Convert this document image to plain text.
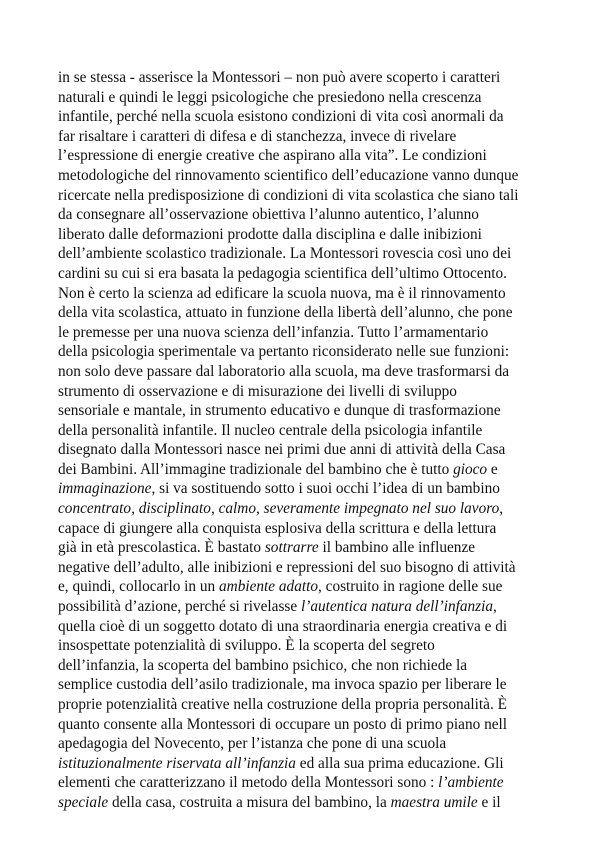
in se stessa - asserisce la Montessori – non può avere scoperto i caratteri
naturali e quindi le leggi psicologiche che presiedono nella crescenza
infantile, perché nella scuola esistono condizioni di vita così anormali da
far risaltare i caratteri di difesa e di stanchezza, invece di rivelare
l’espressione di energie creative che aspirano alla vita”. Le condizioni
metodologiche del rinnovamento scientifico dell’educazione vanno dunque
ricercate nella predisposizione di condizioni di vita scolastica che siano tali
da consegnare all’osservazione obiettiva l’alunno autentico, l’alunno
liberato dalle deformazioni prodotte dalla disciplina e dalle inibizioni
dell’ambiente scolastico tradizionale. La Montessori rovescia così uno dei
cardini su cui si era basata la pedagogia scientifica dell’ultimo Ottocento.
Non è certo la scienza ad edificare la scuola nuova, ma è il rinnovamento
della vita scolastica, attuato in funzione della libertà dell’alunno, che pone
le premesse per una nuova scienza dell’infanzia. Tutto l’armamentario
della psicologia sperimentale va pertanto riconsiderato nelle sue funzioni:
non solo deve passare dal laboratorio alla scuola, ma deve trasformarsi da
strumento di osservazione e di misurazione dei livelli di sviluppo
sensoriale e mantale, in strumento educativo e dunque di trasformazione
della personalità infantile. Il nucleo centrale della psicologia infantile
disegnato dalla Montessori nasce nei primi due anni di attività della Casa
dei Bambini. All’immagine tradizionale del bambino che è tutto gioco e
immaginazione, si va sostituendo sotto i suoi occhi l’idea di un bambino
concentrato, disciplinato, calmo, severamente impegnato nel suo lavoro,
capace di giungere alla conquista esplosiva della scrittura e della lettura
già in età prescolastica. È bastato sottrarre il bambino alle influenze
negative dell’adulto, alle inibizioni e repressioni del suo bisogno di attività
e, quindi, collocarlo in un ambiente adatto, costruito in ragione delle sue
possibilità d’azione, perché si rivelasse l’autentica natura dell’infanzia,
quella cioè di un soggetto dotato di una straordinaria energia creativa e di
insospettate potenzialità di sviluppo. È la scoperta del segreto
dell’infanzia, la scoperta del bambino psichico, che non richiede la
semplice custodia dell’asilo tradizionale, ma invoca spazio per liberare le
proprie potenzialità creative nella costruzione della propria personalità. È
quanto consente alla Montessori di occupare un posto di primo piano nell
apedagogia del Novecento, per l’istanza che pone di una scuola
istituzionalmente riservata all’infanzia ed alla sua prima educazione. Gli
elementi che caratterizzano il metodo della Montessori sono : l’ambiente
speciale della casa, costruita a misura del bambino, la maestra umile e il
